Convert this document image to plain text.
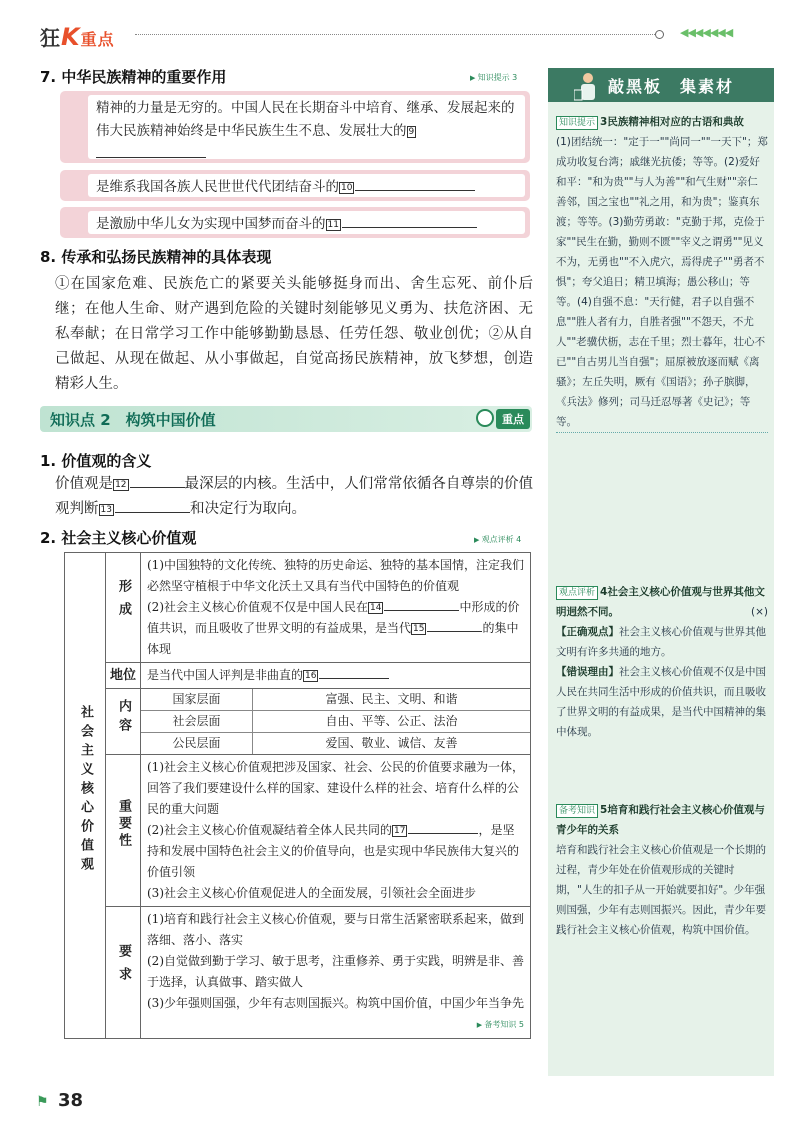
狂K重点	◀◀◀◀◀◀◀
7. 中华民族精神的重要作用	▶ 知识提示 3
精神的力量是无穷的。中国人民在长期奋斗中培育、继承、发展起来的伟大民族精神始终是中华民族生生不息、发展壮大的 9
是维系我国各族人民世世代代团结奋斗的 10
是激励中华儿女为实现中国梦而奋斗的 11
8. 传承和弘扬民族精神的具体表现
①在国家危难、民族危亡的紧要关头能够挺身而出、舍生忘死、前仆后继；在他人生命、财产遇到危险的关键时刻能够见义勇为、扶危济困、无私奉献；在日常学习工作中能够勤勤恳恳、任劳任怨、敬业创优；②从自己做起、从现在做起、从小事做起，自觉高扬民族精神，放飞梦想，创造精彩人生。
知识点 2　构筑中国价值	重点
1. 价值观的含义
价值观是 12	最深层的内核。生活中，人们常常依循各自尊崇的价值观判断 13	和决定行为取向。
2. 社会主义核心价值观	▶ 观点评析 4
社会主义核心价值观	形成	
(1)中国独特的文化传统、独特的历史命运、独特的基本国情，注定我们必然坚守植根于中华文化沃土又具有当代中国特色的价值观
(2)社会主义核心价值观不仅是中国人民在 14	中形成的价值共识，而且吸收了世界文明的有益成果，是当代 15	的集中体现

地位	是当代中国人评判是非曲直的 16
内容		国家层面	富强、民主、文明、和谐
社会层面	自由、平等、公正、法治
公民层面	爱国、敬业、诚信、友善

重要性	
(1)社会主义核心价值观把涉及国家、社会、公民的价值要求融为一体，回答了我们要建设什么样的国家、建设什么样的社会、培育什么样的公民的重大问题
(2)社会主义核心价值观凝结着全体人民共同的 17	，是坚持和发展中国特色社会主义的价值导向，也是实现中华民族伟大复兴的价值引领
(3)社会主义核心价值观促进人的全面发展，引领社会全面进步

要求	
(1)培育和践行社会主义核心价值观，要与日常生活紧密联系起来，做到落细、落小、落实
(2)自觉做到勤于学习、敏于思考，注重修养、勇于实践，明辨是非、善于选择，认真做事、踏实做人
(3)少年强则国强，少年有志则国振兴。构筑中国价值，中国少年当争先
▶ 备考知识 5
⚑ 38
敲黑板　集素材
知识提示 3民族精神相对应的古语和典故
(1)团结统一："定于一""尚同一""一天下"；郑成功收复台湾；戚继光抗倭；等等。(2)爱好和平："和为贵""与人为善""和气生财""亲仁善邻，国之宝也""礼之用，和为贵"；鉴真东渡；等等。(3)勤劳勇敢："克勤于邦，克俭于家""民生在勤，勤则不匮""宰义之谓勇""见义不为，无勇也""不入虎穴，焉得虎子""勇者不惧"；夸父追日；精卫填海；愚公移山；等等。(4)自强不息："天行健，君子以自强不息""胜人者有力，自胜者强""不怨天，不尤人""老骥伏枥，志在千里；烈士暮年，壮心不已""自古男儿当自强"；屈原被放逐而赋《离骚》；左丘失明，厥有《国语》；孙子膑脚，《兵法》修列；司马迁忍辱著《史记》；等等。
观点评析 4社会主义核心价值观与世界其他文明迥然不同。	(×)
【正确观点】社会主义核心价值观与世界其他文明有许多共通的地方。
【错误理由】社会主义核心价值观不仅是中国人民在共同生活中形成的价值共识，而且吸收了世界文明的有益成果，是当代中国精神的集中体现。
备考知识 5培育和践行社会主义核心价值观与青少年的关系
培育和践行社会主义核心价值观是一个长期的过程，青少年处在价值观形成的关键时期，"人生的扣子从一开始就要扣好"。少年强则国强，少年有志则国振兴。因此，青少年要践行社会主义核心价值观，构筑中国价值。
